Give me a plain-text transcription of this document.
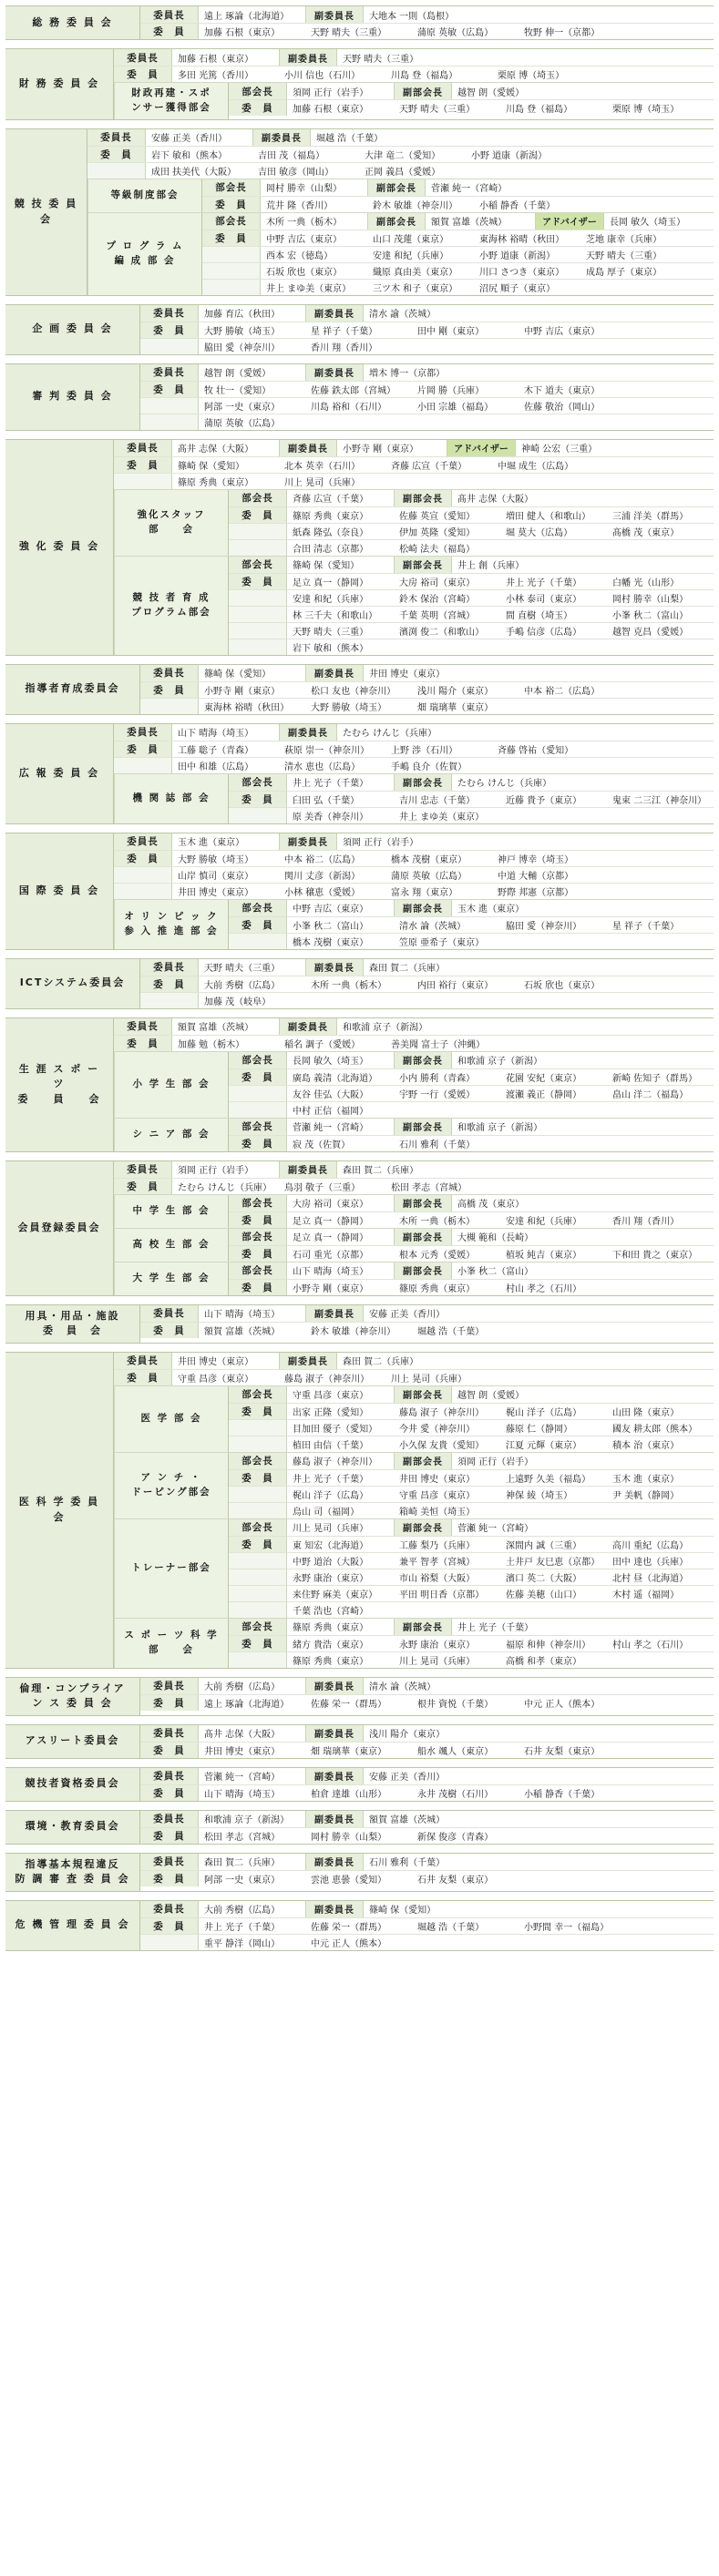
総 務 委 員 会
委員長	遠上 琢論（北海道）	副委員長	大地本 一則（島根）
委　員	加藤 石根（東京）	天野 晴夫（三重）	蒲原 英敏（広島）	牧野 伸一（京都）
財 務 委 員 会
委員長	加藤 石根（東京）	副委員長	天野 晴夫（三重）
委　員	多田 光篤（香川）	小川 信也（石川）	川島 登（福島）	栗原 博（埼玉）
財政再建・スポ
ンサー獲得部会
部会長	須岡 正行（岩手）	副部会長	越智 朗（愛媛）
委　員	加藤 石根（東京）	天野 晴夫（三重）	川島 登（福島）	栗原 博（埼玉）
競 技 委 員 会
委員長	安藤 正美（香川）	副委員長	堀越 浩（千葉）
委　員	岩下 敏和（熊本）	吉田 茂（福島）	大津 竜二（愛知）	小野 道康（新潟）
成田 扶美代（大阪）	吉田 敏彦（岡山）	正岡 義昌（愛媛）
等級制度部会
部会長	岡村 勝幸（山梨）	副部会長	菅瀬 純一（宮崎）
委　員	荒井 隆（香川）	鈴木 敏雄（神奈川）	小稲 静香（千葉）
プ ロ グ ラ ム
編 成 部 会
部会長	木所 一典（栃木）	副部会長	額賀 富雄（茨城）	アドバイザー	長岡 敏久（埼玉）
委　員	中野 吉広（東京）	山口 茂蓮（東京）	東海林 裕晴（秋田）	芝地 康幸（兵庫）
西本 宏（徳島）	安達 和紀（兵庫）	小野 道康（新潟）	天野 晴夫（三重）
石坂 欣也（東京）	織原 真由美（東京）	川口 さつき（東京）	成島 厚子（東京）
井上 まゆ美（東京）	三ツ木 和子（東京）	沼尻 順子（東京）
企 画 委 員 会
委員長	加藤 育広（秋田）	副委員長	清水 諭（茨城）
委　員	大野 勝敏（埼玉）	星 祥子（千葉）	田中 剛（東京）	中野 吉広（東京）
脇田 愛（神奈川）	香川 翔（香川）
審 判 委 員 会
委員長	越智 朗（愛媛）	副委員長	増木 博一（京都）
委　員	牧 壮一（愛知）	佐藤 鉄太郎（宮城）	片岡 勝（兵庫）	木下 道夫（東京）
阿部 一史（東京）	川島 裕和（石川）	小田 宗雄（福島）	佐藤 敬治（岡山）
蒲原 英敏（広島）
強 化 委 員 会
委員長	髙井 志保（大阪）	副委員長	小野寺 剛（東京）	アドバイザー	神崎 公宏（三重）
委　員	篠崎 保（愛知）	北本 英幸（石川）	斉藤 広宣（千葉）	中堀 成生（広島）
篠原 秀典（東京）	川上 晃司（兵庫）
強化スタッフ
部　　会
部会長	斉藤 広宣（千葉）	副部会長	髙井 志保（大阪）
委　員	篠原 秀典（東京）	佐藤 英宣（愛知）	増田 健人（和歌山）	三浦 洋美（群馬）
紙森 隆弘（奈良）	伊加 英隆（愛知）	堀 莫大（広島）	髙橋 茂（東京）
合田 清志（京都）	松崎 法夫（福島）
競 技 者 育 成
プログラム部会
部会長	篠崎 保（愛知）	副部会長	井上 創（兵庫）
委　員	足立 真一（静岡）	大房 裕司（東京）	井上 光子（千葉）	白幡 光（山形）
安達 和紀（兵庫）	鈴木 保治（宮崎）	小林 泰司（東京）	岡村 勝幸（山梨）
林 三千夫（和歌山）	千葉 英明（宮城）	間 直樹（埼玉）	小峯 秋二（富山）
天野 晴夫（三重）	濱渕 俊二（和歌山）	手嶋 信彦（広島）	越智 克昌（愛媛）
岩下 敏和（熊本）
指導者育成委員会
委員長	篠崎 保（愛知）	副委員長	井田 博史（東京）
委　員	小野寺 剛（東京）	松口 友也（神奈川）	浅川 陽介（東京）	中本 裕二（広島）
東海林 裕晴（秋田）	大野 勝敏（埼玉）	畑 瑞璃華（東京）
広 報 委 員 会
委員長	山下 晴海（埼玉）	副委員長	たむら けんじ（兵庫）
委　員	工藤 聡子（青森）	萩原 崇一（神奈川）	上野 渉（石川）	斉藤 啓祐（愛知）
田中 和雄（広島）	清水 恵也（広島）	手嶋 良介（佐賀）
機 関 誌 部 会
部会長	井上 光子（千葉）	副部会長	たむら けんじ（兵庫）
委　員	臼田 弘（千葉）	吉川 忠志（千葉）	近藤 貴予（東京）	鬼束 二三江（神奈川）
原 美香（神奈川）	井上 まゆ美（東京）
国 際 委 員 会
委員長	玉木 進（東京）	副委員長	須岡 正行（岩手）
委　員	大野 勝敏（埼玉）	中本 裕二（広島）	橋本 茂樹（東京）	神戸 博幸（埼玉）
山岸 慎司（東京）	関川 丈彦（新潟）	蒲原 英敏（広島）	中道 大輔（京都）
井田 博史（東京）	小林 穣恵（愛媛）	富永 翔（東京）	野際 邦憲（京都）
オ リ ン ピ ッ ク
参 入 推 進 部 会
部会長	中野 吉広（東京）	副部会長	玉木 進（東京）
委　員	小峯 秋二（富山）	清水 論（茨城）	脇田 愛（神奈川）	星 祥子（千葉）
橋本 茂樹（東京）	笠原 亜希子（東京）
ICTシステム委員会
委員長	天野 晴夫（三重）	副委員長	森田 賀二（兵庫）
委　員	大前 秀樹（広島）	木所 一典（栃木）	内田 裕行（東京）	石坂 欣也（東京）
加藤 茂（岐阜）
生 涯 ス ポ ー ツ
委　　員　　会
委員長	額賀 富雄（茨城）	副委員長	和歌浦 京子（新潟）
委　員	加藤 勉（栃木）	稲名 調子（愛媛）	善美聞 富士子（沖縄）
小 学 生 部 会
部会長	長岡 敏久（埼玉）	副部会長	和歌浦 京子（新潟）
委　員	廣島 義清（北海道）	小内 勝利（青森）	花園 安紀（東京）	新崎 佐知子（群馬）
友谷 佳弘（大阪）	宇野 一行（愛媛）	渡瀬 義正（静岡）	畠山 洋二（福島）
中村 正信（福岡）
シ ニ ア 部 会
部会長	菅瀬 純一（宮崎）	副部会長	和歌浦 京子（新潟）
委　員	寂 茂（佐賀）	石川 雅利（千葉）
会員登録委員会
委員長	須岡 正行（岩手）	副委員長	森田 賀二（兵庫）
委　員	たむら けんじ（兵庫）	鳥羽 敬子（三重）	松田 孝志（宮城）
中 学 生 部 会
部会長	大房 裕司（東京）	副部会長	高橋 茂（東京）
委　員	足立 真一（静岡）	木所 一典（栃木）	安達 和紀（兵庫）	香川 翔（香川）
高 校 生 部 会
部会長	足立 真一（静岡）	副部会長	大槻 範和（長崎）
委　員	石司 重光（京都）	根本 元秀（愛媛）	植坂 純吉（東京）	下和田 貴之（東京）
大 学 生 部 会
部会長	山下 晴海（埼玉）	副部会長	小峯 秋二（富山）
委　員	小野寺 剛（東京）	篠原 秀典（東京）	村山 孝之（石川）
用具・用品・施設
委　員　会
委員長	山下 晴海（埼玉）	副委員長	安藤 正美（香川）
委　員	額賀 富雄（茨城）	鈴木 敏雄（神奈川）	堀越 浩（千葉）
医 科 学 委 員 会
委員長	井田 博史（東京）	副委員長	森田 賀二（兵庫）
委　員	守重 昌彦（東京）	藤島 淑子（神奈川）	川上 晃司（兵庫）
医 学 部 会
部会長	守重 昌彦（東京）	副部会長	越智 朗（愛媛）
委　員	出家 正隆（愛知）	藤島 淑子（神奈川）	梶山 洋子（広島）	山田 隆（東京）
目加田 優子（愛知）	今井 愛（神奈川）	藤原 仁（静岡）	國友 耕太郎（熊本）
植田 由信（千葉）	小久保 友貴（愛知）	江夏 元輝（東京）	積本 治（東京）
ア ン チ ・
ドーピング部会
部会長	藤島 淑子（神奈川）	副部会長	須岡 正行（岩手）
委　員	井上 光子（千葉）	井田 博史（東京）	上遠野 久美（福島）	玉木 進（東京）
梶山 洋子（広島）	守重 昌彦（東京）	神保 綾（埼玉）	尹 美帆（静岡）
烏山 司（福岡）	箱崎 美恒（埼玉）
トレーナー部会
部会長	川上 晃司（兵庫）	副部会長	菅瀬 純一（宮崎）
委　員	東 知宏（北海道）	工藤 梨乃（兵庫）	深間内 誠（三重）	高川 重紀（広島）
中野 道治（大阪）	兼平 智孝（宮城）	土井戸 友巳恵（京都）	田中 達也（兵庫）
永野 康治（東京）	市山 裕梨（大阪）	濱口 英二（大阪）	北村 昼（北海道）
来住野 麻美（東京）	平田 明日香（京都）	佐藤 美穂（山口）	木村 遥（福岡）
千葉 浩也（宮崎）
ス ポ ー ツ 科 学
部　　会
部会長	篠原 秀典（東京）	副部会長	井上 光子（千葉）
委　員	緒方 貴浩（東京）	永野 康治（東京）	福原 和伸（神奈川）	村山 孝之（石川）
篠原 秀典（東京）	川上 晃司（兵庫）	高橋 和孝（東京）
倫理・コンプライア
ン ス 委 員 会
委員長	大前 秀樹（広島）	副委員長	清水 論（茨城）
委　員	遠上 琢論（北海道）	佐藤 栄一（群馬）	根井 資悦（千葉）	中元 正人（熊本）
アスリート委員会
委員長	髙井 志保（大阪）	副委員長	浅川 陽介（東京）
委　員	井田 博史（東京）	畑 瑞璃華（東京）	船水 颯人（東京）	石井 友梨（東京）
競技者資格委員会
委員長	菅瀬 純一（宮崎）	副委員長	安藤 正美（香川）
委　員	山下 晴海（埼玉）	柏倉 達雄（山形）	永井 茂樹（石川）	小稲 静香（千葉）
環境・教育委員会
委員長	和歌浦 京子（新潟）	副委員長	額賀 富雄（茨城）
委　員	松田 孝志（宮城）	岡村 勝幸（山梨）	新保 俊彦（青森）
指導基本規程違反
防 調 審 査 委 員 会
委員長	森田 賀二（兵庫）	副委員長	石川 雅利（千葉）
委　員	阿部 一史（東京）	雲池 恵曇（愛知）	石井 友梨（東京）
危 機 管 理 委 員 会
委員長	大前 秀樹（広島）	副委員長	篠崎 保（愛知）
委　員	井上 光子（千葉）	佐藤 栄一（群馬）	堀越 浩（千葉）	小野間 幸一（福島）
重平 静洋（岡山）	中元 正人（熊本）
